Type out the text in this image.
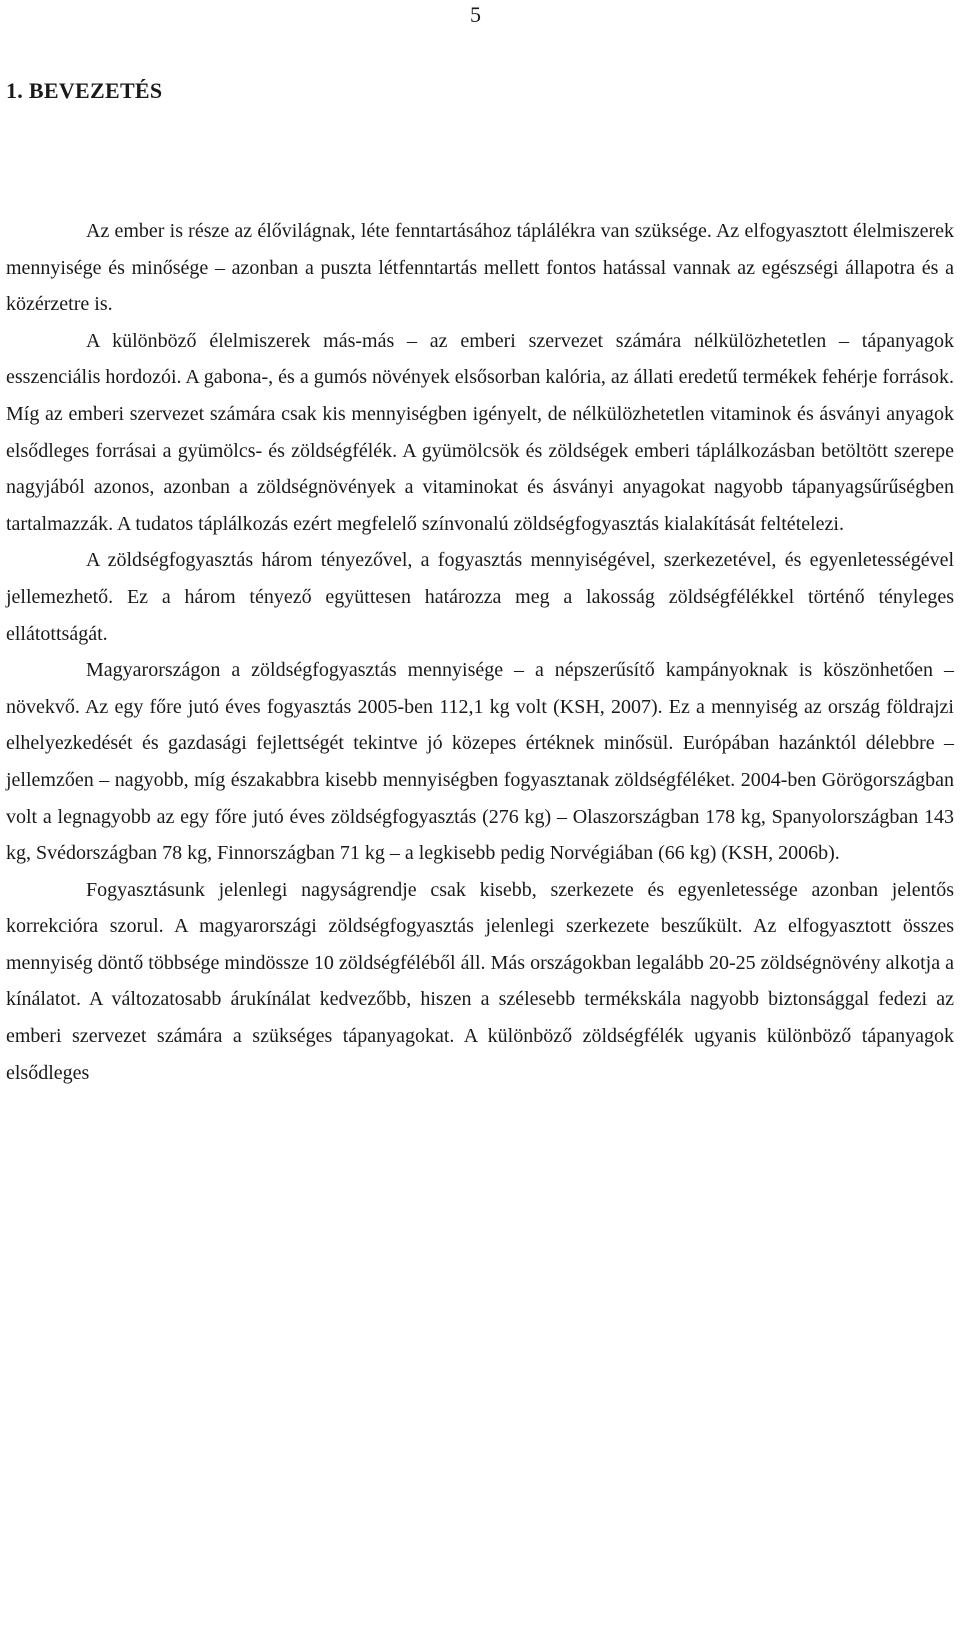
5
1. BEVEZETÉS

Az ember is része az élővilágnak, léte fenntartásához táplálékra van szüksége. Az elfogyasztott élelmiszerek mennyisége és minősége – azonban a puszta létfenntartás mellett fontos hatással vannak az egészségi állapotra és a közérzetre is.

A különböző élelmiszerek más-más – az emberi szervezet számára nélkülözhetetlen – tápanyagok esszenciális hordozói. A gabona-, és a gumós növények elsősorban kalória, az állati eredetű termékek fehérje források. Míg az emberi szervezet számára csak kis mennyiségben igényelt, de nélkülözhetetlen vitaminok és ásványi anyagok elsődleges forrásai a gyümölcs- és zöldségfélék. A gyümölcsök és zöldségek emberi táplálkozásban betöltött szerepe nagyjából azonos, azonban a zöldségnövények a vitaminokat és ásványi anyagokat nagyobb tápanyagsűrűségben tartalmazzák. A tudatos táplálkozás ezért megfelelő színvonalú zöldségfogyasztás kialakítását feltételezi.

A zöldségfogyasztás három tényezővel, a fogyasztás mennyiségével, szerkezetével, és egyenletességével jellemezhető. Ez a három tényező együttesen határozza meg a lakosság zöldségfélékkel történő tényleges ellátottságát.

Magyarországon a zöldségfogyasztás mennyisége – a népszerűsítő kampányoknak is köszönhetően – növekvő. Az egy főre jutó éves fogyasztás 2005-ben 112,1 kg volt (KSH, 2007). Ez a mennyiség az ország földrajzi elhelyezkedését és gazdasági fejlettségét tekintve jó közepes értéknek minősül. Európában hazánktól délebbre – jellemzően – nagyobb, míg északabbra kisebb mennyiségben fogyasztanak zöldségféléket. 2004-ben Görögországban volt a legnagyobb az egy főre jutó éves zöldségfogyasztás (276 kg) – Olaszországban 178 kg, Spanyolországban 143 kg, Svédországban 78 kg, Finnországban 71 kg – a legkisebb pedig Norvégiában (66 kg) (KSH, 2006b).

Fogyasztásunk jelenlegi nagyságrendje csak kisebb, szerkezete és egyenletessége azonban jelentős korrekcióra szorul. A magyarországi zöldségfogyasztás jelenlegi szerkezete beszűkült. Az elfogyasztott összes mennyiség döntő többsége mindössze 10 zöldségféléből áll. Más országokban legalább 20-25 zöldségnövény alkotja a kínálatot. A változatosabb árukínálat kedvezőbb, hiszen a szélesebb termékskála nagyobb biztonsággal fedezi az emberi szervezet számára a szükséges tápanyagokat. A különböző zöldségfélék ugyanis különböző tápanyagok elsődleges
